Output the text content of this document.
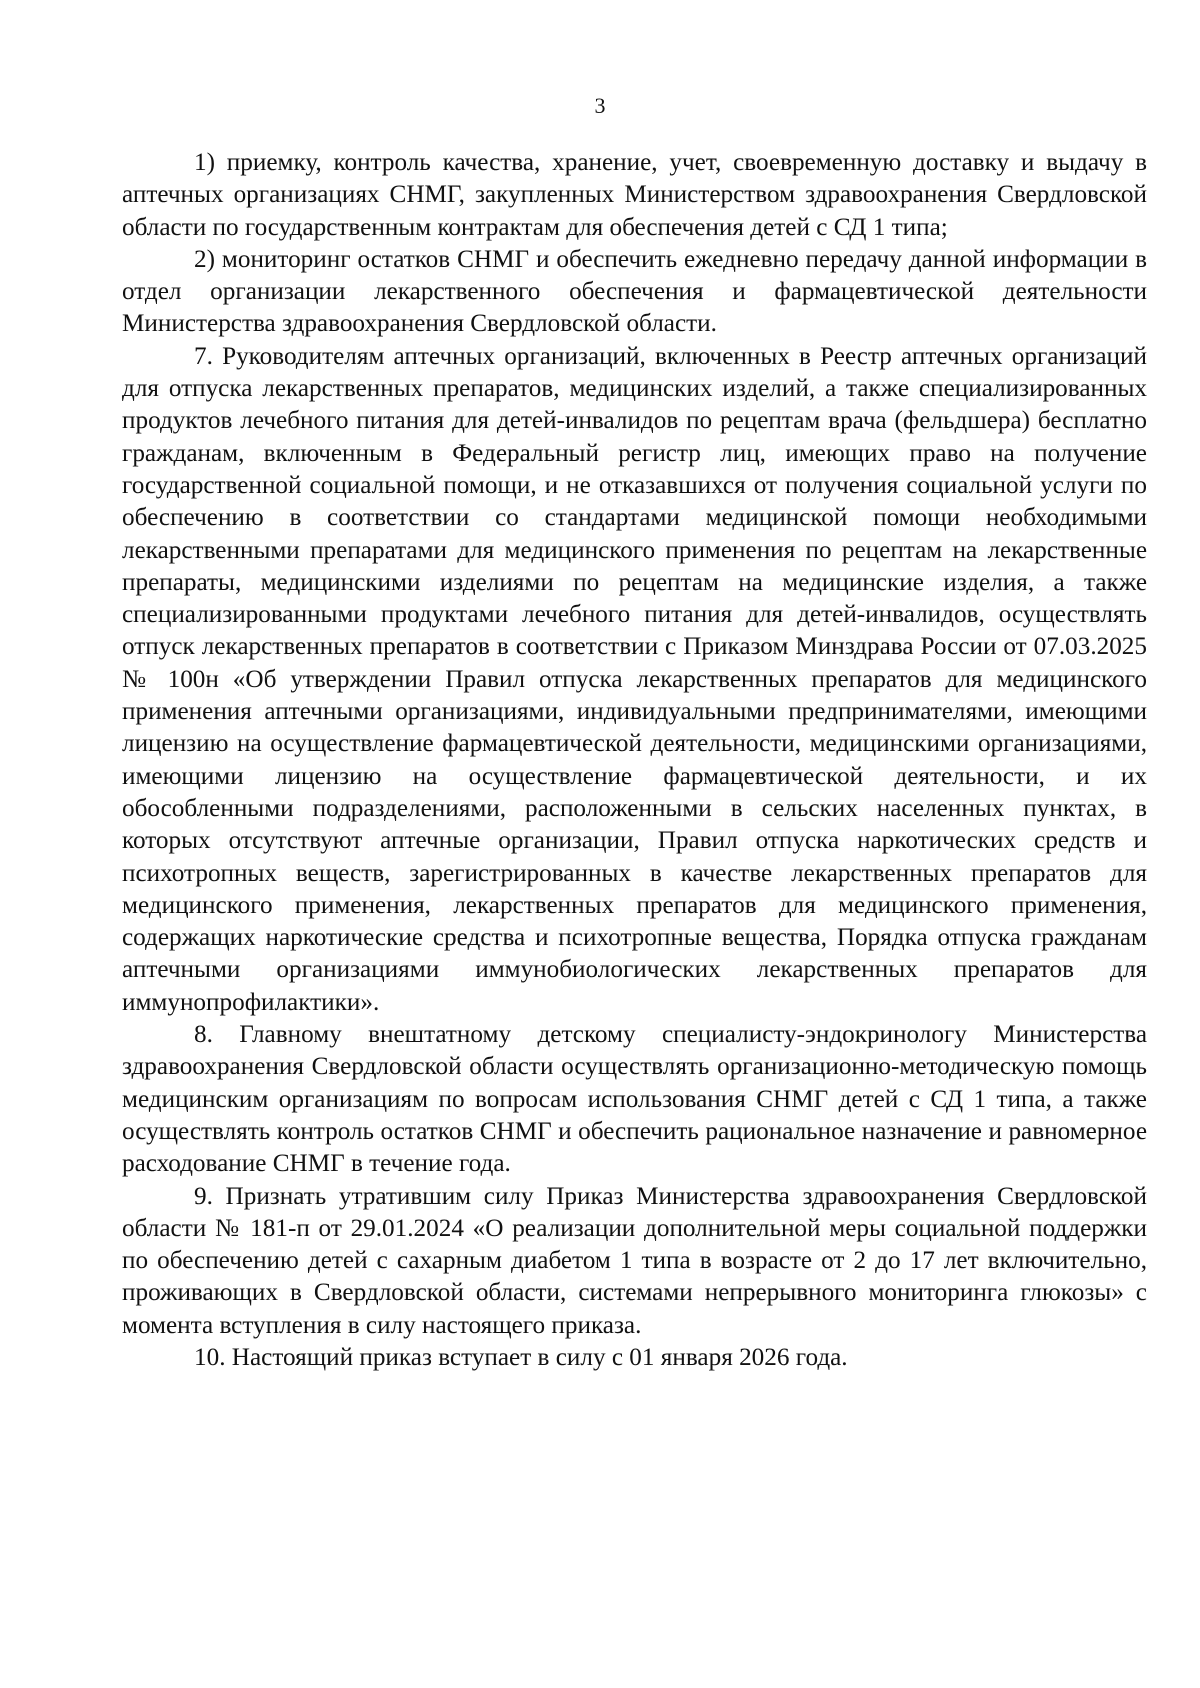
3

1) приемку, контроль качества, хранение, учет, своевременную доставку и выдачу в аптечных организациях СНМГ, закупленных Министерством здравоохранения Свердловской области по государственным контрактам для обеспечения детей с СД 1 типа;

2) мониторинг остатков СНМГ и обеспечить ежедневно передачу данной информации в отдел организации лекарственного обеспечения и фармацевтической деятельности Министерства здравоохранения Свердловской области.

7. Руководителям аптечных организаций, включенных в Реестр аптечных организаций для отпуска лекарственных препаратов, медицинских изделий, а также специализированных продуктов лечебного питания для детей-инвалидов по рецептам врача (фельдшера) бесплатно гражданам, включенным в Федеральный регистр лиц, имеющих право на получение государственной социальной помощи, и не отказавшихся от получения социальной услуги по обеспечению в соответствии со стандартами медицинской помощи необходимыми лекарственными препаратами для медицинского применения по рецептам на лекарственные препараты, медицинскими изделиями по рецептам на медицинские изделия, а также специализированными продуктами лечебного питания для детей-инвалидов, осуществлять отпуск лекарственных препаратов в соответствии с Приказом Минздрава России от 07.03.2025 № 100н «Об утверждении Правил отпуска лекарственных препаратов для медицинского применения аптечными организациями, индивидуальными предпринимателями, имеющими лицензию на осуществление фармацевтической деятельности, медицинскими организациями, имеющими лицензию на осуществление фармацевтической деятельности, и их обособленными подразделениями, расположенными в сельских населенных пунктах, в которых отсутствуют аптечные организации, Правил отпуска наркотических средств и психотропных веществ, зарегистрированных в качестве лекарственных препаратов для медицинского применения, лекарственных препаратов для медицинского применения, содержащих наркотические средства и психотропные вещества, Порядка отпуска гражданам аптечными организациями иммунобиологических лекарственных препаратов для иммунопрофилактики».

8. Главному внештатному детскому специалисту-эндокринологу Министерства здравоохранения Свердловской области осуществлять организационно-методическую помощь медицинским организациям по вопросам использования СНМГ детей с СД 1 типа, а также осуществлять контроль остатков СНМГ и обеспечить рациональное назначение и равномерное расходование СНМГ в течение года.

9. Признать утратившим силу Приказ Министерства здравоохранения Свердловской области № 181-п от 29.01.2024 «О реализации дополнительной меры социальной поддержки по обеспечению детей с сахарным диабетом 1 типа в возрасте от 2 до 17 лет включительно, проживающих в Свердловской области, системами непрерывного мониторинга глюкозы» с момента вступления в силу настоящего приказа.

10. Настоящий приказ вступает в силу с 01 января 2026 года.
